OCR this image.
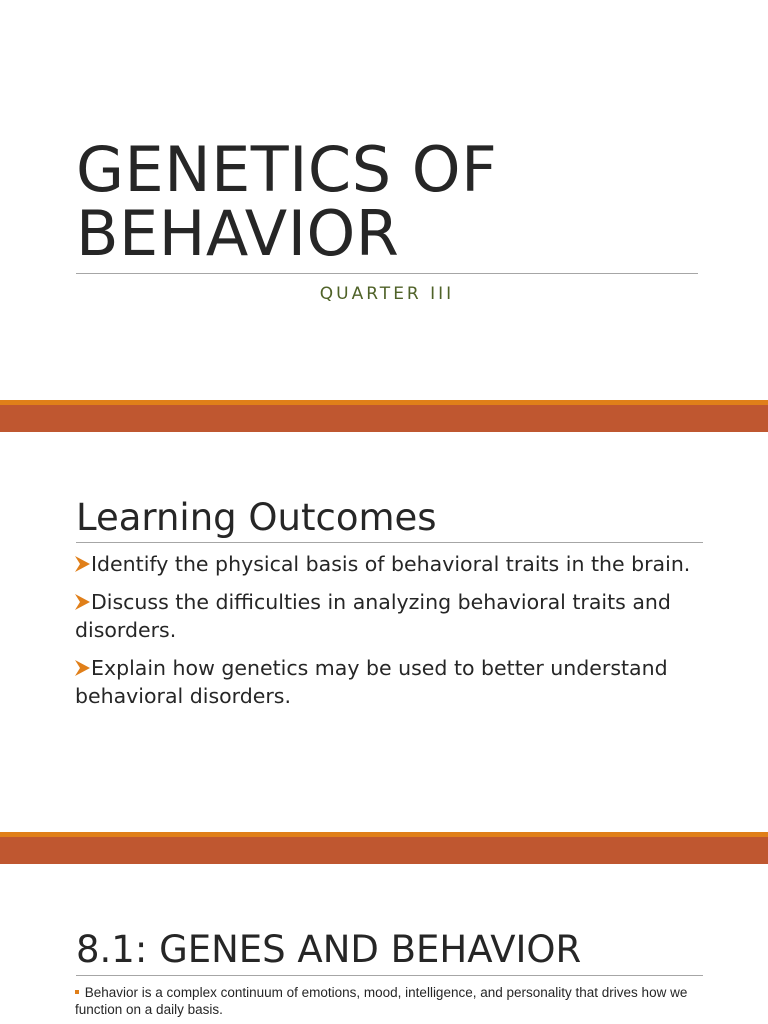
GENETICS OF
BEHAVIOR
QUARTER III
Learning Outcomes
Identify the physical basis of behavioral traits in the brain.
Discuss the difficulties in analyzing behavioral traits and disorders.
Explain how genetics may be used to better understand behavioral disorders.
8.1: GENES AND BEHAVIOR
Behavior is a complex continuum of emotions, mood, intelligence, and personality that drives how we function on a daily basis.
